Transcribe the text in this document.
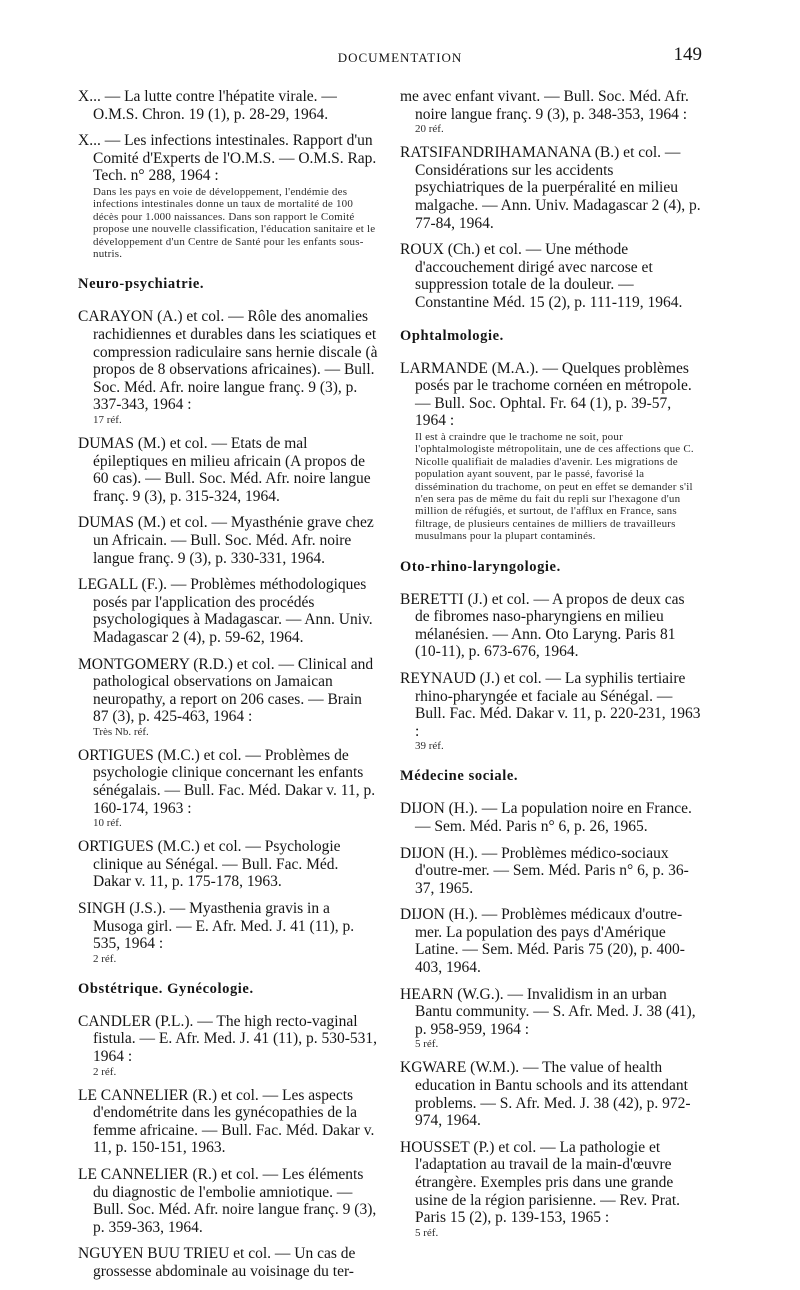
DOCUMENTATION	149

X... — La lutte contre l'hépatite virale. — O.M.S. Chron. 19 (1), p. 28-29, 1964.

X... — Les infections intestinales. Rapport d'un Comité d'Experts de l'O.M.S. — O.M.S. Rap. Tech. n° 288, 1964 :

Dans les pays en voie de développement, l'endémie des infections intestinales donne un taux de mortalité de 100 décès pour 1.000 naissances. Dans son rapport le Comité propose une nouvelle classification, l'éducation sanitaire et le développement d'un Centre de Santé pour les enfants sous-nutris.
Neuro-psychiatrie.

CARAYON (A.) et col. — Rôle des anomalies rachidiennes et durables dans les sciatiques et compression radiculaire sans hernie discale (à propos de 8 observations africaines). — Bull. Soc. Méd. Afr. noire langue franç. 9 (3), p. 337-343, 1964 :

17 réf.

DUMAS (M.) et col. — Etats de mal épileptiques en milieu africain (A propos de 60 cas). — Bull. Soc. Méd. Afr. noire langue franç. 9 (3), p. 315-324, 1964.

DUMAS (M.) et col. — Myasthénie grave chez un Africain. — Bull. Soc. Méd. Afr. noire langue franç. 9 (3), p. 330-331, 1964.

LEGALL (F.). — Problèmes méthodologiques posés par l'application des procédés psychologiques à Madagascar. — Ann. Univ. Madagascar 2 (4), p. 59-62, 1964.

MONTGOMERY (R.D.) et col. — Clinical and pathological observations on Jamaican neuropathy, a report on 206 cases. — Brain 87 (3), p. 425-463, 1964 :

Très Nb. réf.

ORTIGUES (M.C.) et col. — Problèmes de psychologie clinique concernant les enfants sénégalais. — Bull. Fac. Méd. Dakar v. 11, p. 160-174, 1963 :

10 réf.

ORTIGUES (M.C.) et col. — Psychologie clinique au Sénégal. — Bull. Fac. Méd. Dakar v. 11, p. 175-178, 1963.

SINGH (J.S.). — Myasthenia gravis in a Musoga girl. — E. Afr. Med. J. 41 (11), p. 535, 1964 :

2 réf.
Obstétrique. Gynécologie.

CANDLER (P.L.). — The high recto-vaginal fistula. — E. Afr. Med. J. 41 (11), p. 530-531, 1964 :

2 réf.

LE CANNELIER (R.) et col. — Les aspects d'endométrite dans les gynécopathies de la femme africaine. — Bull. Fac. Méd. Dakar v. 11, p. 150-151, 1963.

LE CANNELIER (R.) et col. — Les éléments du diagnostic de l'embolie amniotique. — Bull. Soc. Méd. Afr. noire langue franç. 9 (3), p. 359-363, 1964.

NGUYEN BUU TRIEU et col. — Un cas de grossesse abdominale au voisinage du ter-

me avec enfant vivant. — Bull. Soc. Méd. Afr. noire langue franç. 9 (3), p. 348-353, 1964 :

20 réf.

RATSIFANDRIHAMANANA (B.) et col. — Considérations sur les accidents psychiatriques de la puerpéralité en milieu malgache. — Ann. Univ. Madagascar 2 (4), p. 77-84, 1964.

ROUX (Ch.) et col. — Une méthode d'accouchement dirigé avec narcose et suppression totale de la douleur. — Constantine Méd. 15 (2), p. 111-119, 1964.

Ophtalmologie.

LARMANDE (M.A.). — Quelques problèmes posés par le trachome cornéen en métropole. — Bull. Soc. Ophtal. Fr. 64 (1), p. 39-57, 1964 :

Il est à craindre que le trachome ne soit, pour l'ophtalmologiste métropolitain, une de ces affections que C. Nicolle qualifiait de maladies d'avenir. Les migrations de population ayant souvent, par le passé, favorisé la dissémination du trachome, on peut en effet se demander s'il n'en sera pas de même du fait du repli sur l'hexagone d'un million de réfugiés, et surtout, de l'afflux en France, sans filtrage, de plusieurs centaines de milliers de travailleurs musulmans pour la plupart contaminés.
Oto-rhino-laryngologie.

BERETTI (J.) et col. — A propos de deux cas de fibromes naso-pharyngiens en milieu mélanésien. — Ann. Oto Laryng. Paris 81 (10-11), p. 673-676, 1964.

REYNAUD (J.) et col. — La syphilis tertiaire rhino-pharyngée et faciale au Sénégal. — Bull. Fac. Méd. Dakar v. 11, p. 220-231, 1963 :

39 réf.
Médecine sociale.

DIJON (H.). — La population noire en France. — Sem. Méd. Paris n° 6, p. 26, 1965.

DIJON (H.). — Problèmes médico-sociaux d'outre-mer. — Sem. Méd. Paris n° 6, p. 36-37, 1965.

DIJON (H.). — Problèmes médicaux d'outre-mer. La population des pays d'Amérique Latine. — Sem. Méd. Paris 75 (20), p. 400-403, 1964.

HEARN (W.G.). — Invalidism in an urban Bantu community. — S. Afr. Med. J. 38 (41), p. 958-959, 1964 :

5 réf.

KGWARE (W.M.). — The value of health education in Bantu schools and its attendant problems. — S. Afr. Med. J. 38 (42), p. 972-974, 1964.

HOUSSET (P.) et col. — La pathologie et l'adaptation au travail de la main-d'œuvre étrangère. Exemples pris dans une grande usine de la région parisienne. — Rev. Prat. Paris 15 (2), p. 139-153, 1965 :

5 réf.
